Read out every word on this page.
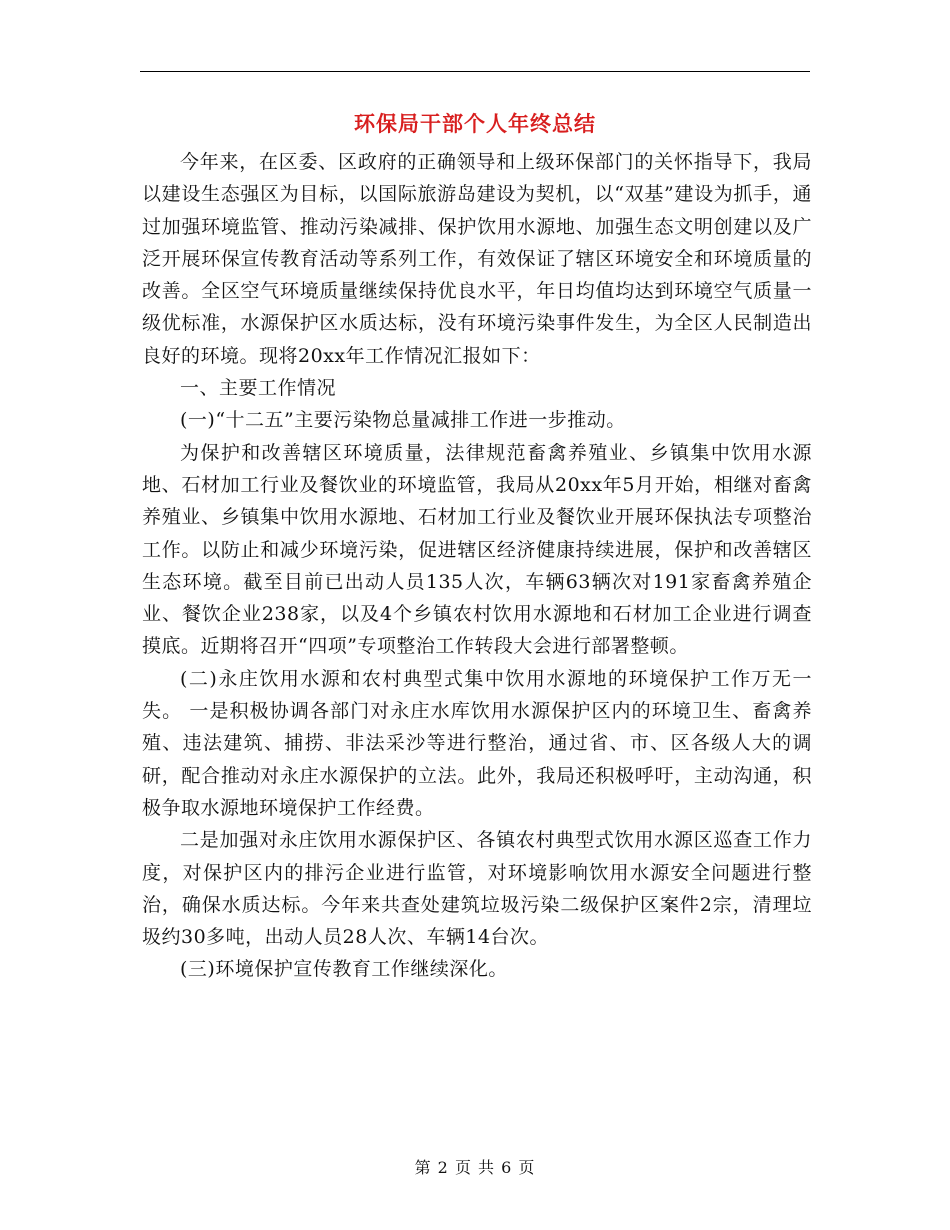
环保局干部个人年终总结

今年来，在区委、区政府的正确领导和上级环保部门的关怀指导下，我局以建设生态强区为目标，以国际旅游岛建设为契机，以“双基”建设为抓手，通过加强环境监管、推动污染减排、保护饮用水源地、加强生态文明创建以及广泛开展环保宣传教育活动等系列工作，有效保证了辖区环境安全和环境质量的改善。全区空气环境质量继续保持优良水平，年日均值均达到环境空气质量一级优标准，水源保护区水质达标，没有环境污染事件发生，为全区人民制造出良好的环境。现将20xx年工作情况汇报如下：

一、主要工作情况

(一)“十二五”主要污染物总量减排工作进一步推动。

为保护和改善辖区环境质量，法律规范畜禽养殖业、乡镇集中饮用水源地、石材加工行业及餐饮业的环境监管，我局从20xx年5月开始，相继对畜禽养殖业、乡镇集中饮用水源地、石材加工行业及餐饮业开展环保执法专项整治工作。以防止和减少环境污染，促进辖区经济健康持续进展，保护和改善辖区生态环境。截至目前已出动人员135人次，车辆63辆次对191家畜禽养殖企业、餐饮企业238家，以及4个乡镇农村饮用水源地和石材加工企业进行调查摸底。近期将召开“四项”专项整治工作转段大会进行部署整顿。

(二)永庄饮用水源和农村典型式集中饮用水源地的环境保护工作万无一失。 一是积极协调各部门对永庄水库饮用水源保护区内的环境卫生、畜禽养殖、违法建筑、捕捞、非法采沙等进行整治，通过省、市、区各级人大的调研，配合推动对永庄水源保护的立法。此外，我局还积极呼吁，主动沟通，积极争取水源地环境保护工作经费。

二是加强对永庄饮用水源保护区、各镇农村典型式饮用水源区巡查工作力度，对保护区内的排污企业进行监管，对环境影响饮用水源安全问题进行整治，确保水质达标。今年来共查处建筑垃圾污染二级保护区案件2宗，清理垃圾约30多吨，出动人员28人次、车辆14台次。

(三)环境保护宣传教育工作继续深化。

第 2 页 共 6 页
